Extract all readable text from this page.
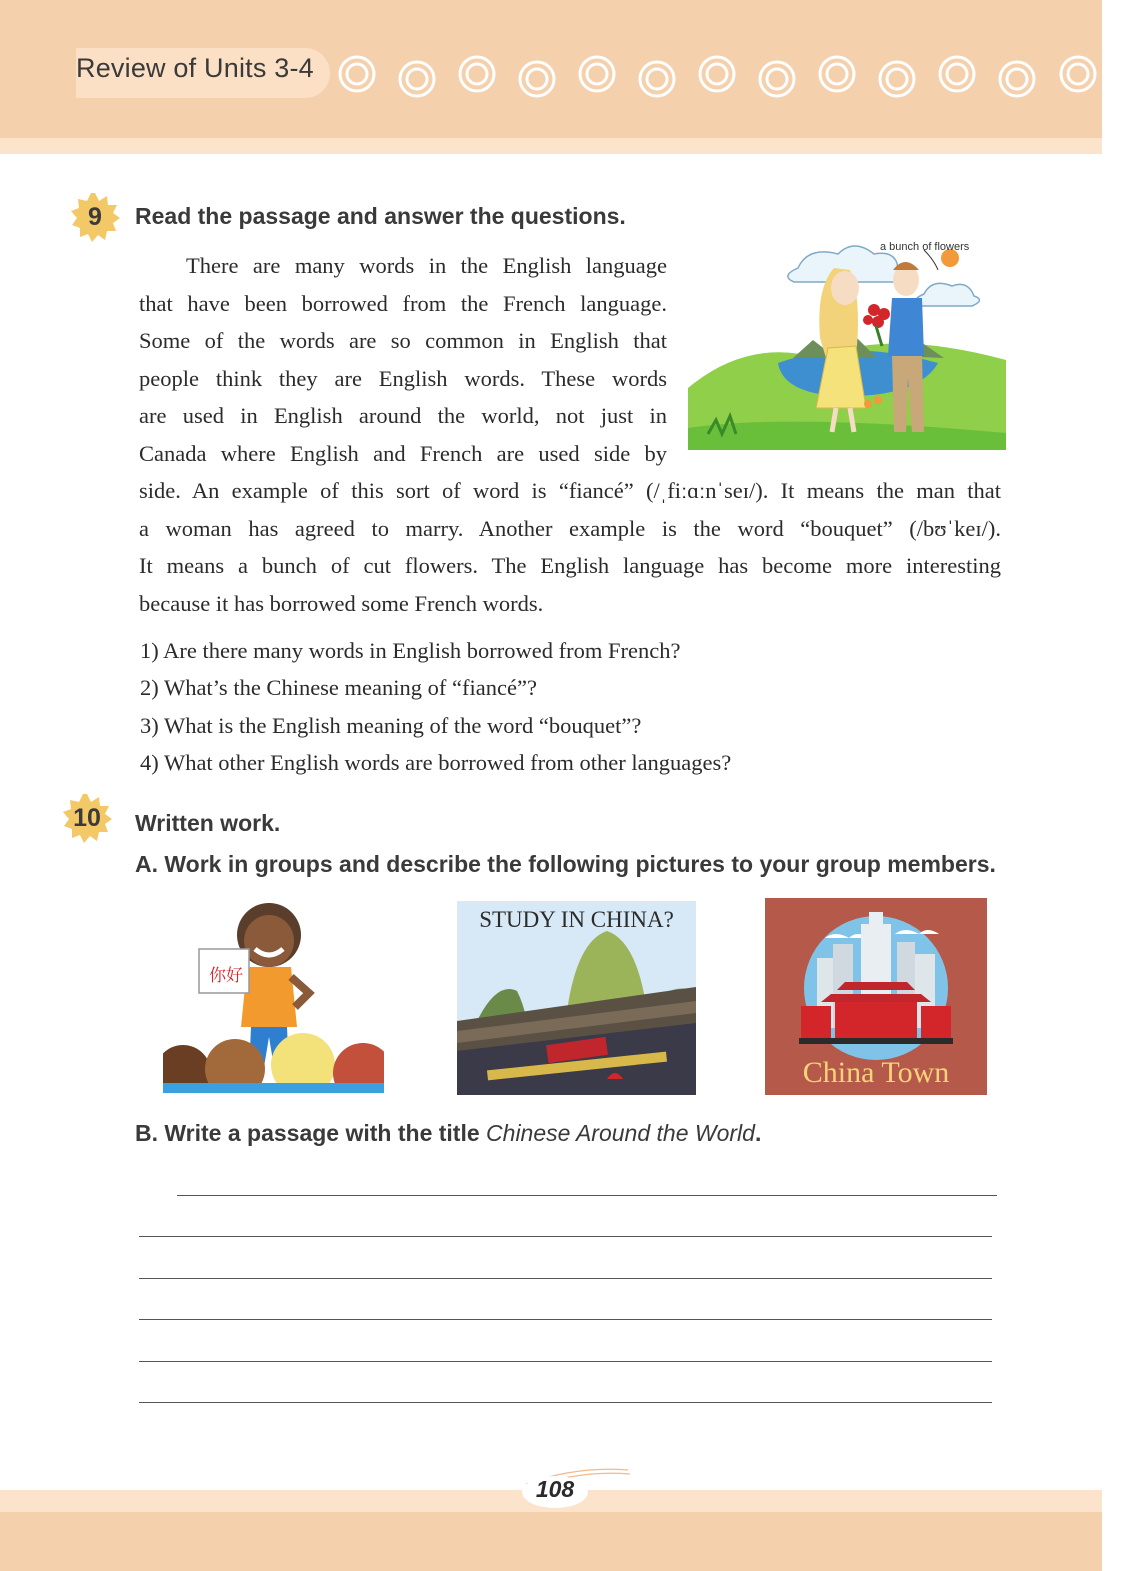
Review of Units 3-4
9	Read the passage and answer the questions.
There are many words in the English language
that have been borrowed from the French language.
Some of the words are so common in English that
people think they are English words. These words
are used in English around the world, not just in
Canada where English and French are used side by
side. An example of this sort of word is “fiancé” (/ˌfiːɑːnˈseɪ/). It means the man that
a woman has agreed to marry. Another example is the word “bouquet” (/bʊˈkeɪ/).
It means a bunch of cut flowers. The English language has become more interesting
because it has borrowed some French words.
a bunch of flowers
1) Are there many words in English borrowed from French?
2) What’s the Chinese meaning of “fiancé”?
3) What is the English meaning of the word “bouquet”?
4) What other English words are borrowed from other languages?
10	Written work.
A. Work in groups and describe the following pictures to your group members.
你好
STUDY IN CHINA?
China Town
B. Write a passage with the title Chinese Around the World.
108
